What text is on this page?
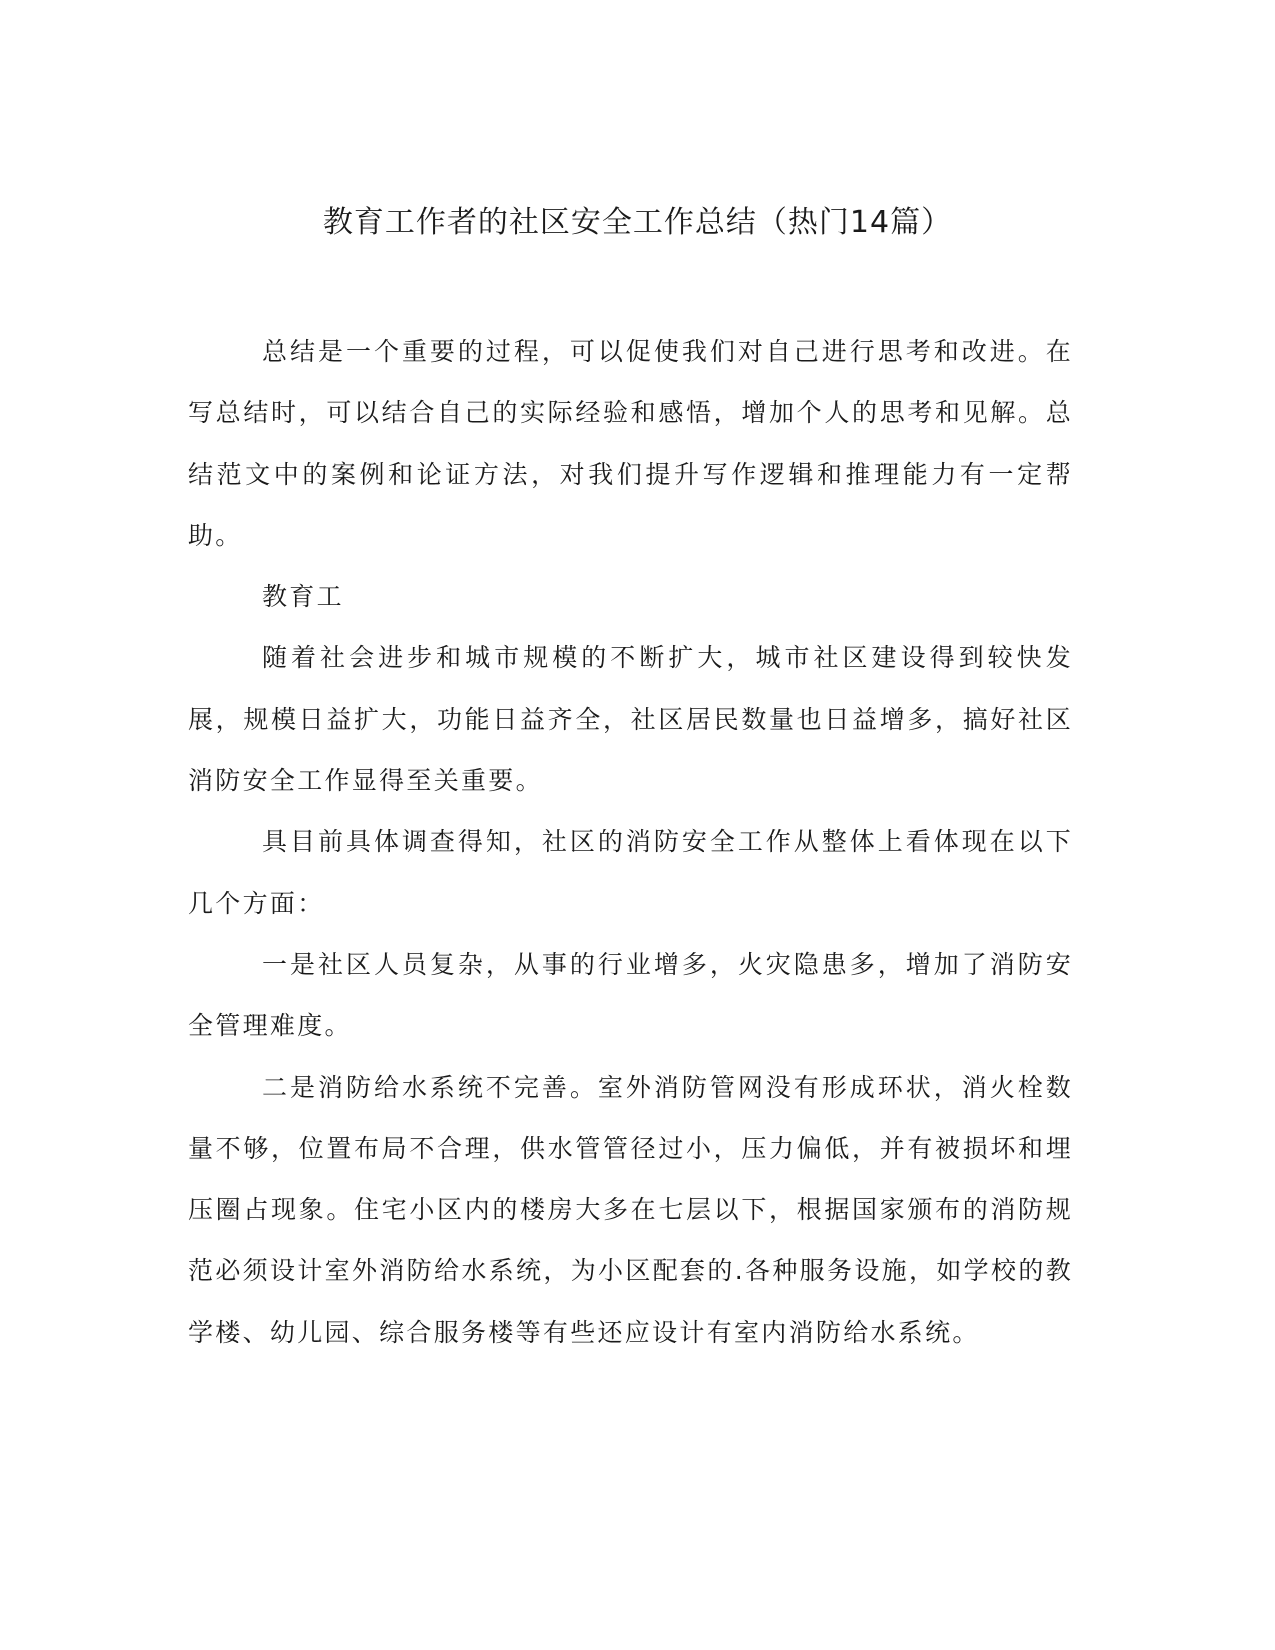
教育工作者的社区安全工作总结（热门14篇）

总结是一个重要的过程，可以促使我们对自己进行思考和改进。在写总结时，可以结合自己的实际经验和感悟，增加个人的思考和见解。总结范文中的案例和论证方法，对我们提升写作逻辑和推理能力有一定帮助。

教育工

随着社会进步和城市规模的不断扩大，城市社区建设得到较快发展，规模日益扩大，功能日益齐全，社区居民数量也日益增多，搞好社区消防安全工作显得至关重要。

具目前具体调查得知，社区的消防安全工作从整体上看体现在以下几个方面：

一是社区人员复杂，从事的行业增多，火灾隐患多，增加了消防安全管理难度。

二是消防给水系统不完善。室外消防管网没有形成环状，消火栓数量不够，位置布局不合理，供水管管径过小，压力偏低，并有被损坏和埋压圈占现象。住宅小区内的楼房大多在七层以下，根据国家颁布的消防规范必须设计室外消防给水系统，为小区配套的.各种服务设施，如学校的教学楼、幼儿园、综合服务楼等有些还应设计有室内消防给水系统。
